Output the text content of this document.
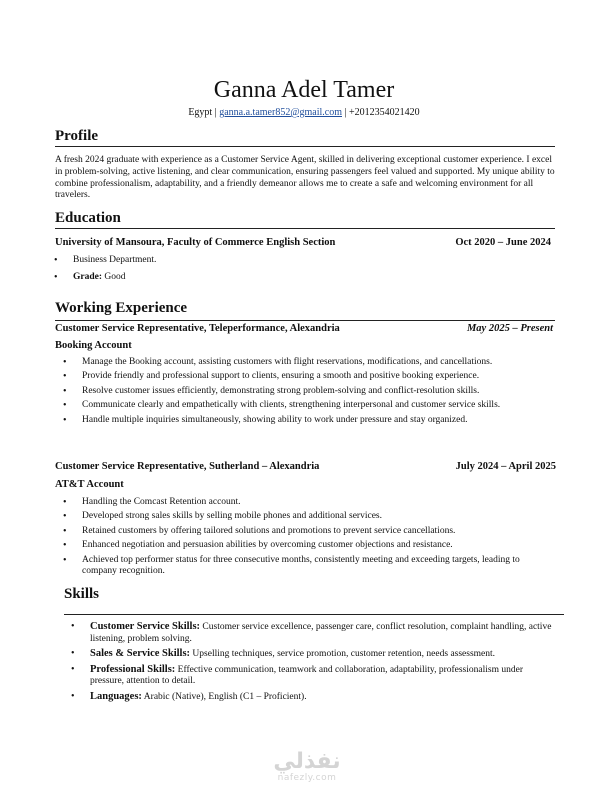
Ganna Adel Tamer
Egypt | ganna.a.tamer852@gmail.com | +2012354021420
Profile
A fresh 2024 graduate with experience as a Customer Service Agent, skilled in delivering exceptional customer experience. I excel in problem-solving, active listening, and clear communication, ensuring passengers feel valued and supported. My unique ability to combine professionalism, adaptability, and a friendly demeanor allows me to create a safe and welcoming environment for all travelers.
Education
University of Mansoura, Faculty of Commerce English Section	Oct 2020 – June 2024
• Business Department.
• Grade: Good
Working Experience
Customer Service Representative, Teleperformance, Alexandria	May 2025 – Present
Booking Account
• Manage the Booking account, assisting customers with flight reservations, modifications, and cancellations.
• Provide friendly and professional support to clients, ensuring a smooth and positive booking experience.
• Resolve customer issues efficiently, demonstrating strong problem-solving and conflict-resolution skills.
• Communicate clearly and empathetically with clients, strengthening interpersonal and customer service skills.
• Handle multiple inquiries simultaneously, showing ability to work under pressure and stay organized.
Customer Service Representative, Sutherland – Alexandria	July 2024 – April 2025
AT&T Account
• Handling the Comcast Retention account.
• Developed strong sales skills by selling mobile phones and additional services.
• Retained customers by offering tailored solutions and promotions to prevent service cancellations.
• Enhanced negotiation and persuasion abilities by overcoming customer objections and resistance.
• Achieved top performer status for three consecutive months, consistently meeting and exceeding targets, leading to company recognition.
Skills
• Customer Service Skills: Customer service excellence, passenger care, conflict resolution, complaint handling, active listening, problem solving.
• Sales & Service Skills: Upselling techniques, service promotion, customer retention, needs assessment.
• Professional Skills: Effective communication, teamwork and collaboration, adaptability, professionalism under pressure, attention to detail.
• Languages: Arabic (Native), English (C1 – Proficient).
نفذلي
nafezly.com
